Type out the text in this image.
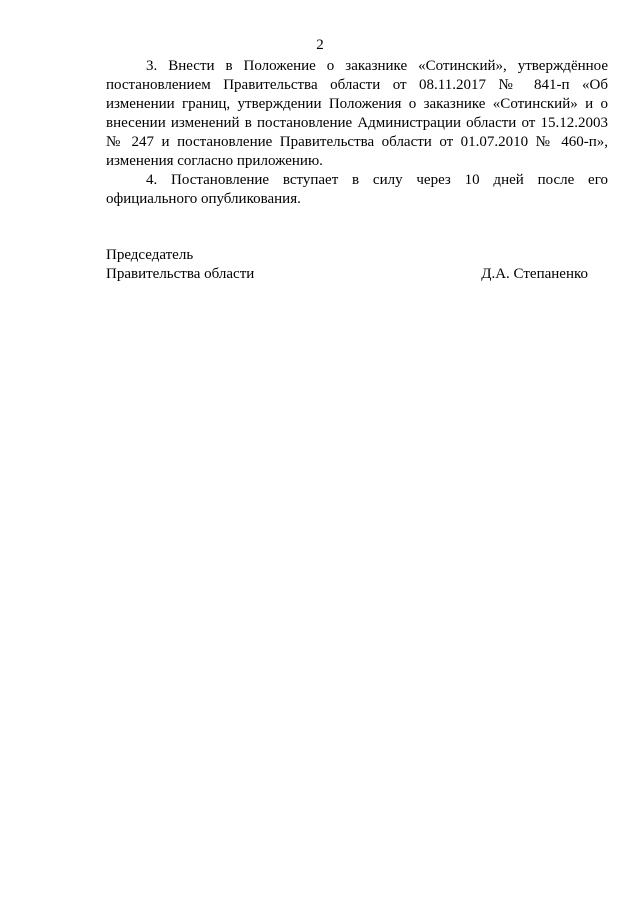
2

3. Внести в Положение о заказнике «Сотинский», утверждённое постановлением Правительства области от 08.11.2017 № 841-п «Об изменении границ, утверждении Положения о заказнике «Сотинский» и о внесении изменений в постановление Администрации области от 15.12.2003 № 247 и постановление Правительства области от 01.07.2010 № 460-п», изменения согласно приложению.

4. Постановление вступает в силу через 10 дней после его официального опубликования.

Председатель
Правительства области	Д.А. Степаненко
